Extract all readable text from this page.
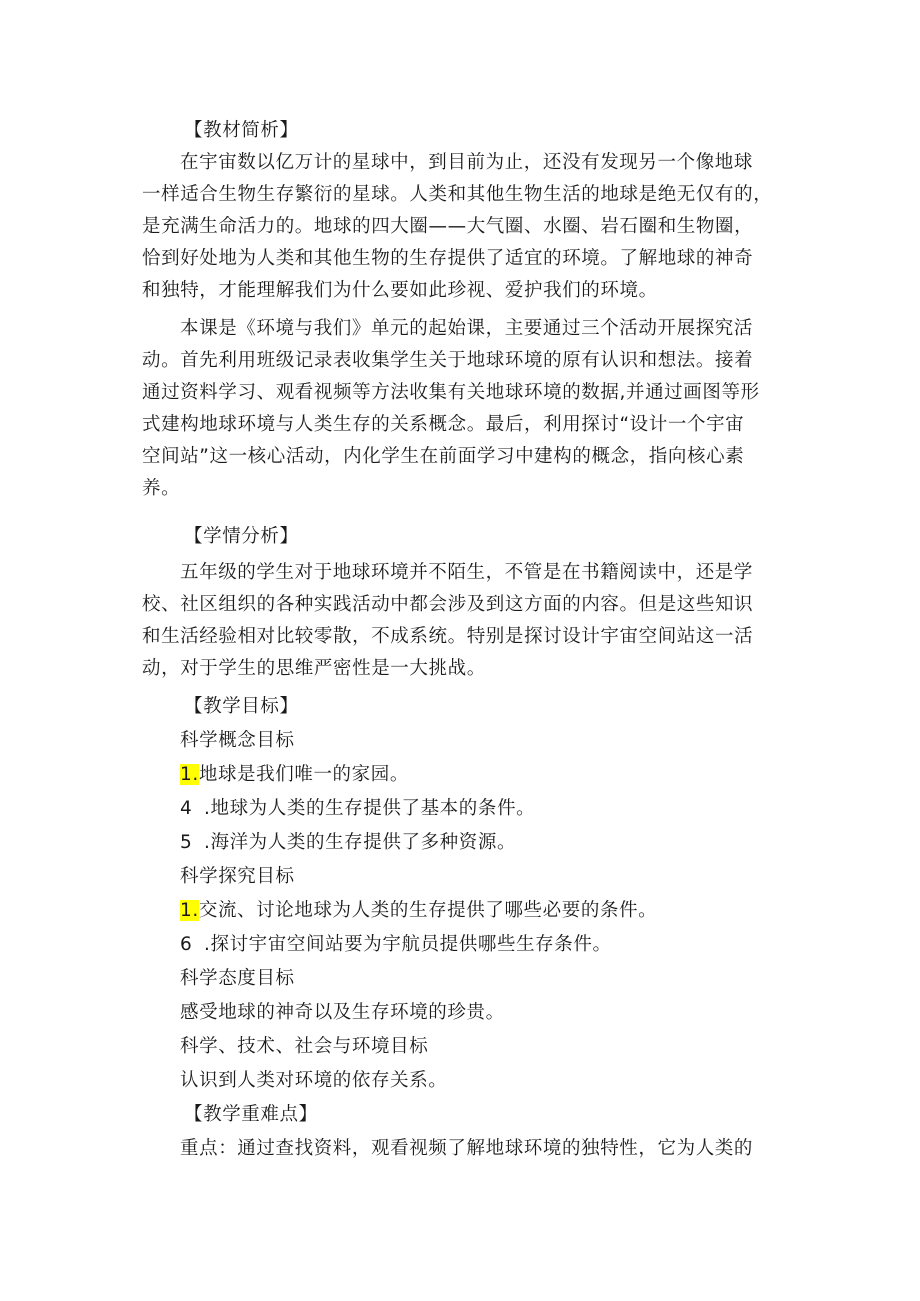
【教材简析】
在宇宙数以亿万计的星球中，到目前为止，还没有发现另一个像地球
一样适合生物生存繁衍的星球。人类和其他生物生活的地球是绝无仅有的，
是充满生命活力的。地球的四大圈——大气圈、水圈、岩石圈和生物圈，
恰到好处地为人类和其他生物的生存提供了适宜的环境。了解地球的神奇
和独特，才能理解我们为什么要如此珍视、爱护我们的环境。
本课是《环境与我们》单元的起始课，主要通过三个活动开展探究活
动。首先利用班级记录表收集学生关于地球环境的原有认识和想法。接着
通过资料学习、观看视频等方法收集有关地球环境的数据,并通过画图等形
式建构地球环境与人类生存的关系概念。最后，利用探讨“设计一个宇宙
空间站”这一核心活动，内化学生在前面学习中建构的概念，指向核心素
养。
【学情分析】
五年级的学生对于地球环境并不陌生，不管是在书籍阅读中，还是学
校、社区组织的各种实践活动中都会涉及到这方面的内容。但是这些知识
和生活经验相对比较零散，不成系统。特别是探讨设计宇宙空间站这一活
动，对于学生的思维严密性是一大挑战。
【教学目标】
科学概念目标
1.地球是我们唯一的家园。
4 .地球为人类的生存提供了基本的条件。
5 .海洋为人类的生存提供了多种资源。
科学探究目标
1.交流、讨论地球为人类的生存提供了哪些必要的条件。
6 .探讨宇宙空间站要为宇航员提供哪些生存条件。
科学态度目标
感受地球的神奇以及生存环境的珍贵。
科学、技术、社会与环境目标
认识到人类对环境的依存关系。
【教学重难点】
重点：通过查找资料，观看视频了解地球环境的独特性，它为人类的
